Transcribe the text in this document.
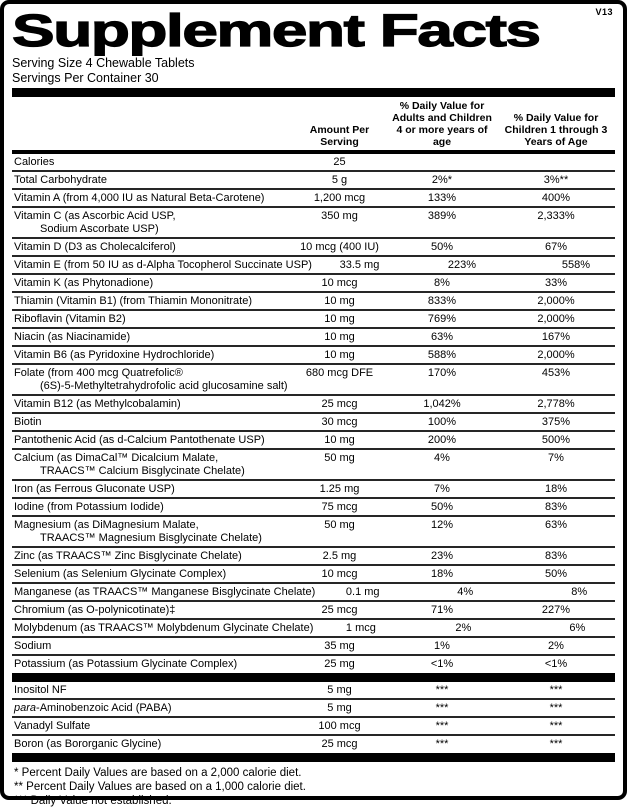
V13
Supplement Facts
Serving Size 4 Chewable Tablets
Servings Per Container 30
Amount Per
Serving
% Daily Value for
Adults and Children
4 or more years of age
% Daily Value for
Children 1 through 3
Years of Age
Calories	25
Total Carbohydrate	5 g	2%*	3%**
Vitamin A (from 4,000 IU as Natural Beta-Carotene)	1,200 mcg	133%	400%
Vitamin C (as Ascorbic Acid USP,
Sodium Ascorbate USP)
350 mg	389%	2,333%
Vitamin D (D3 as Cholecalciferol)	10 mcg (400 IU)	50%	67%
Vitamin E (from 50 IU as d-Alpha Tocopherol Succinate USP)	33.5 mg	223%	558%
Vitamin K (as Phytonadione)	10 mcg	8%	33%
Thiamin (Vitamin B1) (from Thiamin Mononitrate)	10 mg	833%	2,000%
Riboflavin (Vitamin B2)	10 mg	769%	2,000%
Niacin (as Niacinamide)	10 mg	63%	167%
Vitamin B6 (as Pyridoxine Hydrochloride)	10 mg	588%	2,000%
Folate (from 400 mcg Quatrefolic®
(6S)-5-Methyltetrahydrofolic acid glucosamine salt)
680 mcg DFE	170%	453%
Vitamin B12 (as Methylcobalamin)	25 mcg	1,042%	2,778%
Biotin	30 mcg	100%	375%
Pantothenic Acid (as d-Calcium Pantothenate USP)	10 mg	200%	500%
Calcium (as DimaCal™ Dicalcium Malate,
TRAACS™ Calcium Bisglycinate Chelate)
50 mg	4%	7%
Iron (as Ferrous Gluconate USP)	1.25 mg	7%	18%
Iodine (from Potassium Iodide)	75 mcg	50%	83%
Magnesium (as DiMagnesium Malate,
TRAACS™ Magnesium Bisglycinate Chelate)
50 mg	12%	63%
Zinc (as TRAACS™ Zinc Bisglycinate Chelate)	2.5 mg	23%	83%
Selenium (as Selenium Glycinate Complex)	10 mcg	18%	50%
Manganese (as TRAACS™ Manganese Bisglycinate Chelate)	0.1 mg	4%	8%
Chromium (as O-polynicotinate)‡	25 mcg	71%	227%
Molybdenum (as TRAACS™ Molybdenum Glycinate Chelate)	1 mcg	2%	6%
Sodium	35 mg	1%	2%
Potassium (as Potassium Glycinate Complex)	25 mg	<1%	<1%
Inositol NF	5 mg	***	***
para-Aminobenzoic Acid (PABA)	5 mg	***	***
Vanadyl Sulfate	100 mcg	***	***
Boron (as Bororganic Glycine)	25 mcg	***	***
* Percent Daily Values are based on a 2,000 calorie diet.
** Percent Daily Values are based on a 1,000 calorie diet.
*** Daily Value not established.
